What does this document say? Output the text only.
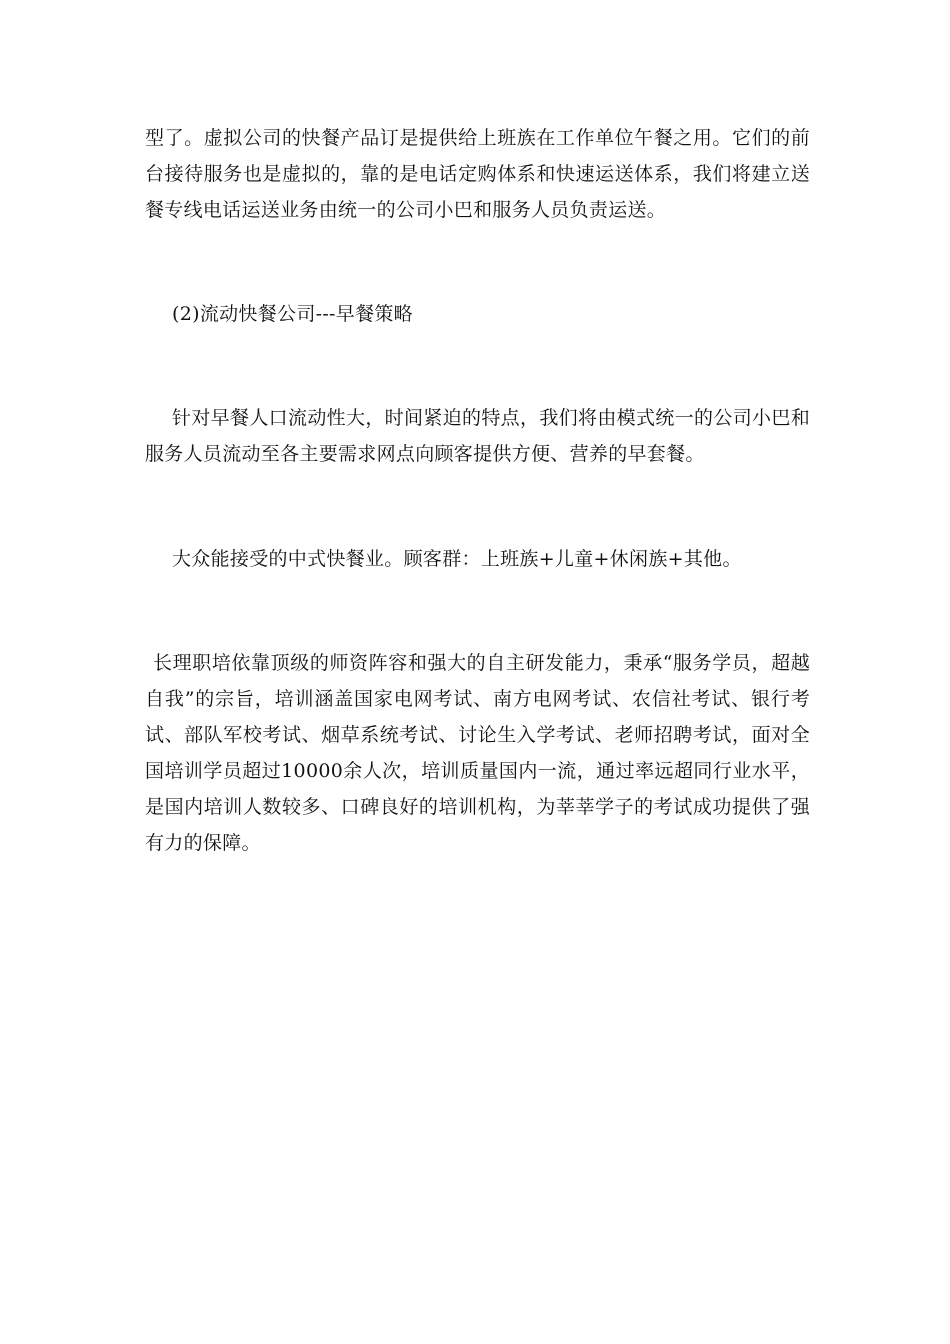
型了。虚拟公司的快餐产品订是提供给上班族在工作单位午餐之用。它们的前台接待服务也是虚拟的，靠的是电话定购体系和快速运送体系，我们将建立送餐专线电话运送业务由统一的公司小巴和服务人员负责运送。

(2)流动快餐公司---早餐策略

针对早餐人口流动性大，时间紧迫的特点，我们将由模式统一的公司小巴和服务人员流动至各主要需求网点向顾客提供方便、营养的早套餐。

大众能接受的中式快餐业。顾客群：上班族+儿童+休闲族+其他。

长理职培依靠顶级的师资阵容和强大的自主研发能力，秉承“服务学员，超越自我”的宗旨，培训涵盖国家电网考试、南方电网考试、农信社考试、银行考试、部队军校考试、烟草系统考试、讨论生入学考试、老师招聘考试，面对全国培训学员超过10000余人次，培训质量国内一流，通过率远超同行业水平，是国内培训人数较多、口碑良好的培训机构，为莘莘学子的考试成功提供了强有力的保障。
